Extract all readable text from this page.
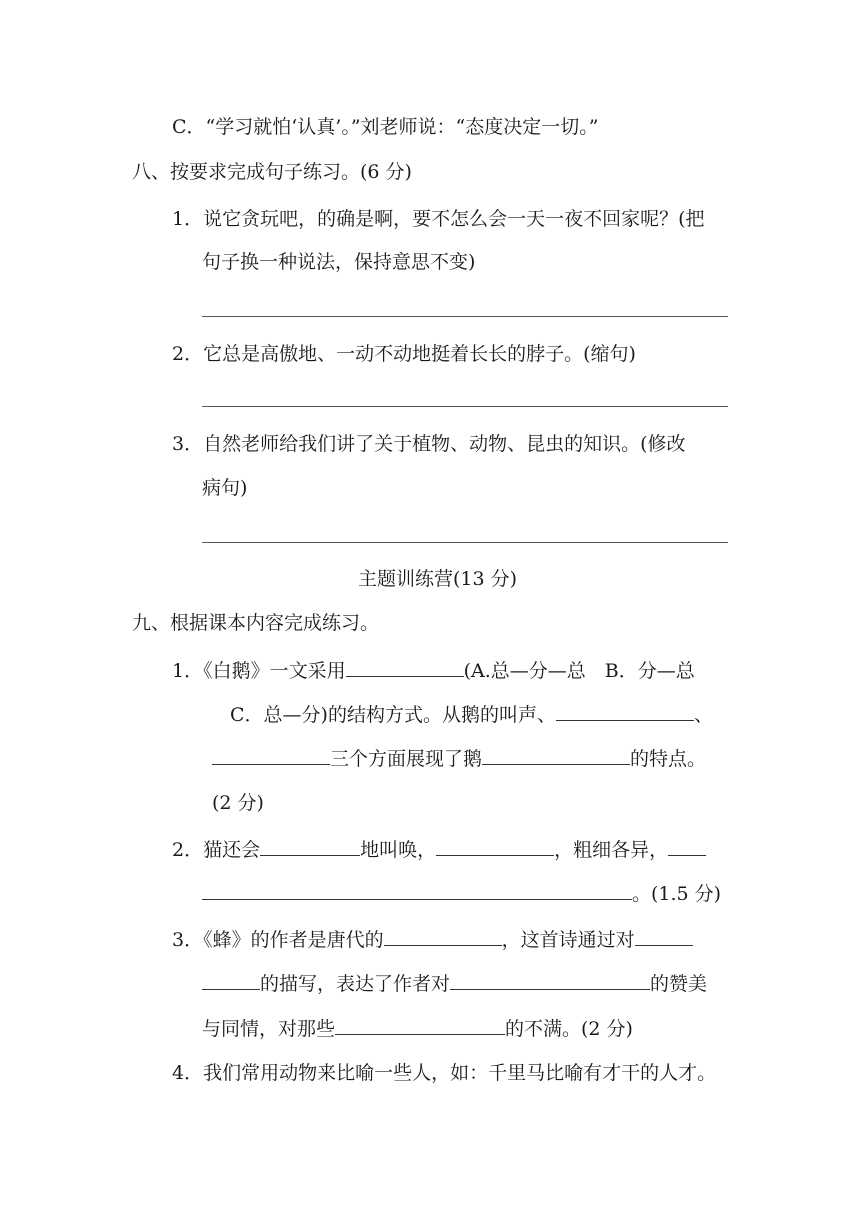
C．“学习就怕‘认真’。”刘老师说：“态度决定一切。”
八、按要求完成句子练习。(6 分)
1．说它贪玩吧，的确是啊，要不怎么会一天一夜不回家呢？(把
句子换一种说法，保持意思不变)
2．它总是高傲地、一动不动地挺着长长的脖子。(缩句)
3．自然老师给我们讲了关于植物、动物、昆虫的知识。(修改
病句)
主题训练营(13 分)
九、根据课本内容完成练习。
1．《白鹅》一文采用	(A.总—分—总　B．分—总
C．总—分)的结构方式。从鹅的叫声、	、
三个方面展现了鹅	的特点。
(2 分)
2．猫还会	地叫唤，	，粗细各异，
。(1.5 分)
3．《蜂》的作者是唐代的	，这首诗通过对
的描写，表达了作者对	的赞美
与同情，对那些	的不满。(2 分)
4．我们常用动物来比喻一些人，如：千里马比喻有才干的人才。
